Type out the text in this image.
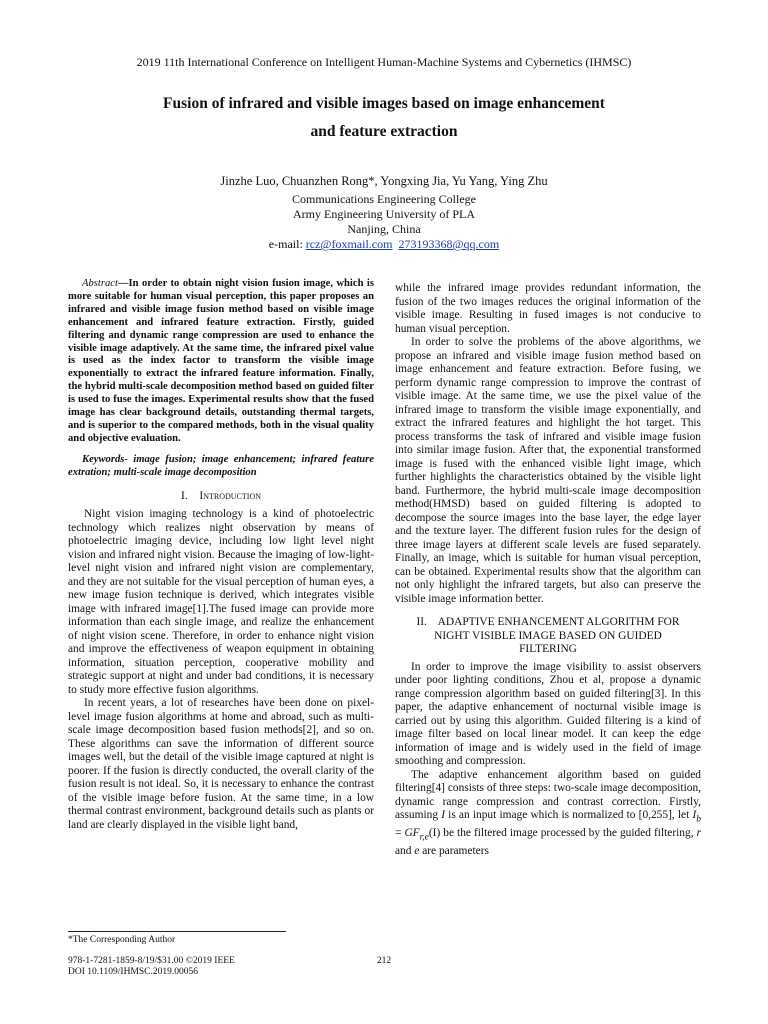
2019 11th International Conference on Intelligent Human-Machine Systems and Cybernetics (IHMSC)
Fusion of infrared and visible images based on image enhancement
and feature extraction
Jinzhe Luo, Chuanzhen Rong*, Yongxing Jia, Yu Yang, Ying Zhu
Communications Engineering College
Army Engineering University of PLA
Nanjing, China
e-mail: rcz@foxmail.com 273193368@qq.com

Abstract—In order to obtain night vision fusion image, which is more suitable for human visual perception, this paper proposes an infrared and visible image fusion method based on visible image enhancement and infrared feature extraction. Firstly, guided filtering and dynamic range compression are used to enhance the visible image adaptively. At the same time, the infrared pixel value is used as the index factor to transform the visible image exponentially to extract the infrared feature information. Finally, the hybrid multi-scale decomposition method based on guided filter is used to fuse the images. Experimental results show that the fused image has clear background details, outstanding thermal targets, and is superior to the compared methods, both in the visual quality and objective evaluation.

Keywords- image fusion; image enhancement; infrared feature extration; multi-scale image decomposition

I. Introduction

Night vision imaging technology is a kind of photoelectric technology which realizes night observation by means of photoelectric imaging device, including low light level night vision and infrared night vision. Because the imaging of low-light-level night vision and infrared night vision are complementary, and they are not suitable for the visual perception of human eyes, a new image fusion technique is derived, which integrates visible image with infrared image[1].The fused image can provide more information than each single image, and realize the enhancement of night vision scene. Therefore, in order to enhance night vision and improve the effectiveness of weapon equipment in obtaining information, situation perception, cooperative mobility and strategic support at night and under bad conditions, it is necessary to study more effective fusion algorithms.

In recent years, a lot of researches have been done on pixel-level image fusion algorithms at home and abroad, such as multi-scale image decomposition based fusion methods[2], and so on. These algorithms can save the information of different source images well, but the detail of the visible image captured at night is poorer. If the fusion is directly conducted, the overall clarity of the fusion result is not ideal. So, it is necessary to enhance the contrast of the visible image before fusion. At the same time, in a low thermal contrast environment, background details such as plants or land are clearly displayed in the visible light band,

while the infrared image provides redundant information, the fusion of the two images reduces the original information of the visible image. Resulting in fused images is not conducive to human visual perception.

In order to solve the problems of the above algorithms, we propose an infrared and visible image fusion method based on image enhancement and feature extraction. Before fusing, we perform dynamic range compression to improve the contrast of visible image. At the same time, we use the pixel value of the infrared image to transform the visible image exponentially, and extract the infrared features and highlight the hot target. This process transforms the task of infrared and visible image fusion into similar image fusion. After that, the exponential transformed image is fused with the enhanced visible light image, which further highlights the characteristics obtained by the visible light band. Furthermore, the hybrid multi-scale image decomposition method(HMSD) based on guided filtering is adopted to decompose the source images into the base layer, the edge layer and the texture layer. The different fusion rules for the design of three image layers at different scale levels are fused separately. Finally, an image, which is suitable for human visual perception, can be obtained. Experimental results show that the algorithm can not only highlight the infrared targets, but also can preserve the visible image information better.

II.    ADAPTIVE ENHANCEMENT ALGORITHM FOR
NIGHT VISIBLE IMAGE BASED ON GUIDED
FILTERING

In order to improve the image visibility to assist observers under poor lighting conditions, Zhou et al, propose a dynamic range compression algorithm based on guided filtering[3]. In this paper, the adaptive enhancement of nocturnal visible image is carried out by using this algorithm. Guided filtering is a kind of image filter based on local linear model. It can keep the edge information of image and is widely used in the field of image smoothing and compression.

The adaptive enhancement algorithm based on guided filtering[4] consists of three steps: two-scale image decomposition, dynamic range compression and contrast correction. Firstly, assuming I is an input image which is normalized to [0,255], let $I_b = GF_{r,e}(I)$ be the filtered image processed by the guided filtering, r and e are parameters

*The Corresponding Author
978-1-7281-1859-8/19/$31.00 ©2019 IEEE
DOI 10.1109/IHMSC.2019.00056
212
